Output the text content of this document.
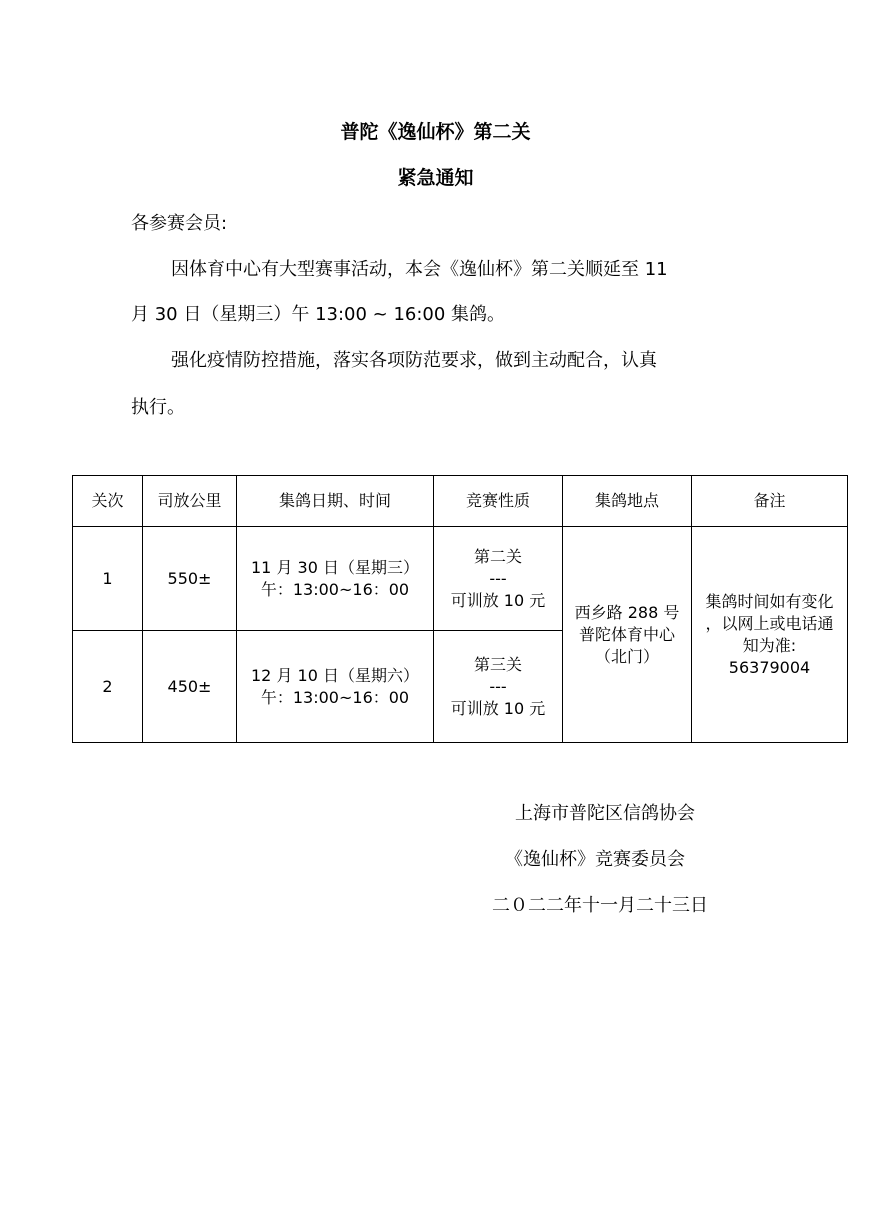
普陀《逸仙杯》第二关
紧急通知

各参赛会员:

因体育中心有大型赛事活动，本会《逸仙杯》第二关顺延至 11

月 30 日（星期三）午 13:00 ~ 16:00 集鸽。

强化疫情防控措施，落实各项防范要求，做到主动配合，认真

执行。

关次	司放公里	集鸽日期、时间	竞赛性质	集鸽地点	备注
1	550±	11 月 30 日（星期三）
午：13:00~16：00	第二关
---
可训放 10 元	西乡路 288 号
普陀体育中心
（北门）	集鸽时间如有变化
，以网上或电话通
知为准:
56379004

2	450±	12 月 10 日（星期六）
午：13:00~16：00	第三关
---
可训放 10 元		

上海市普陀区信鸽协会

《逸仙杯》竞赛委员会

二０二二年十一月二十三日
